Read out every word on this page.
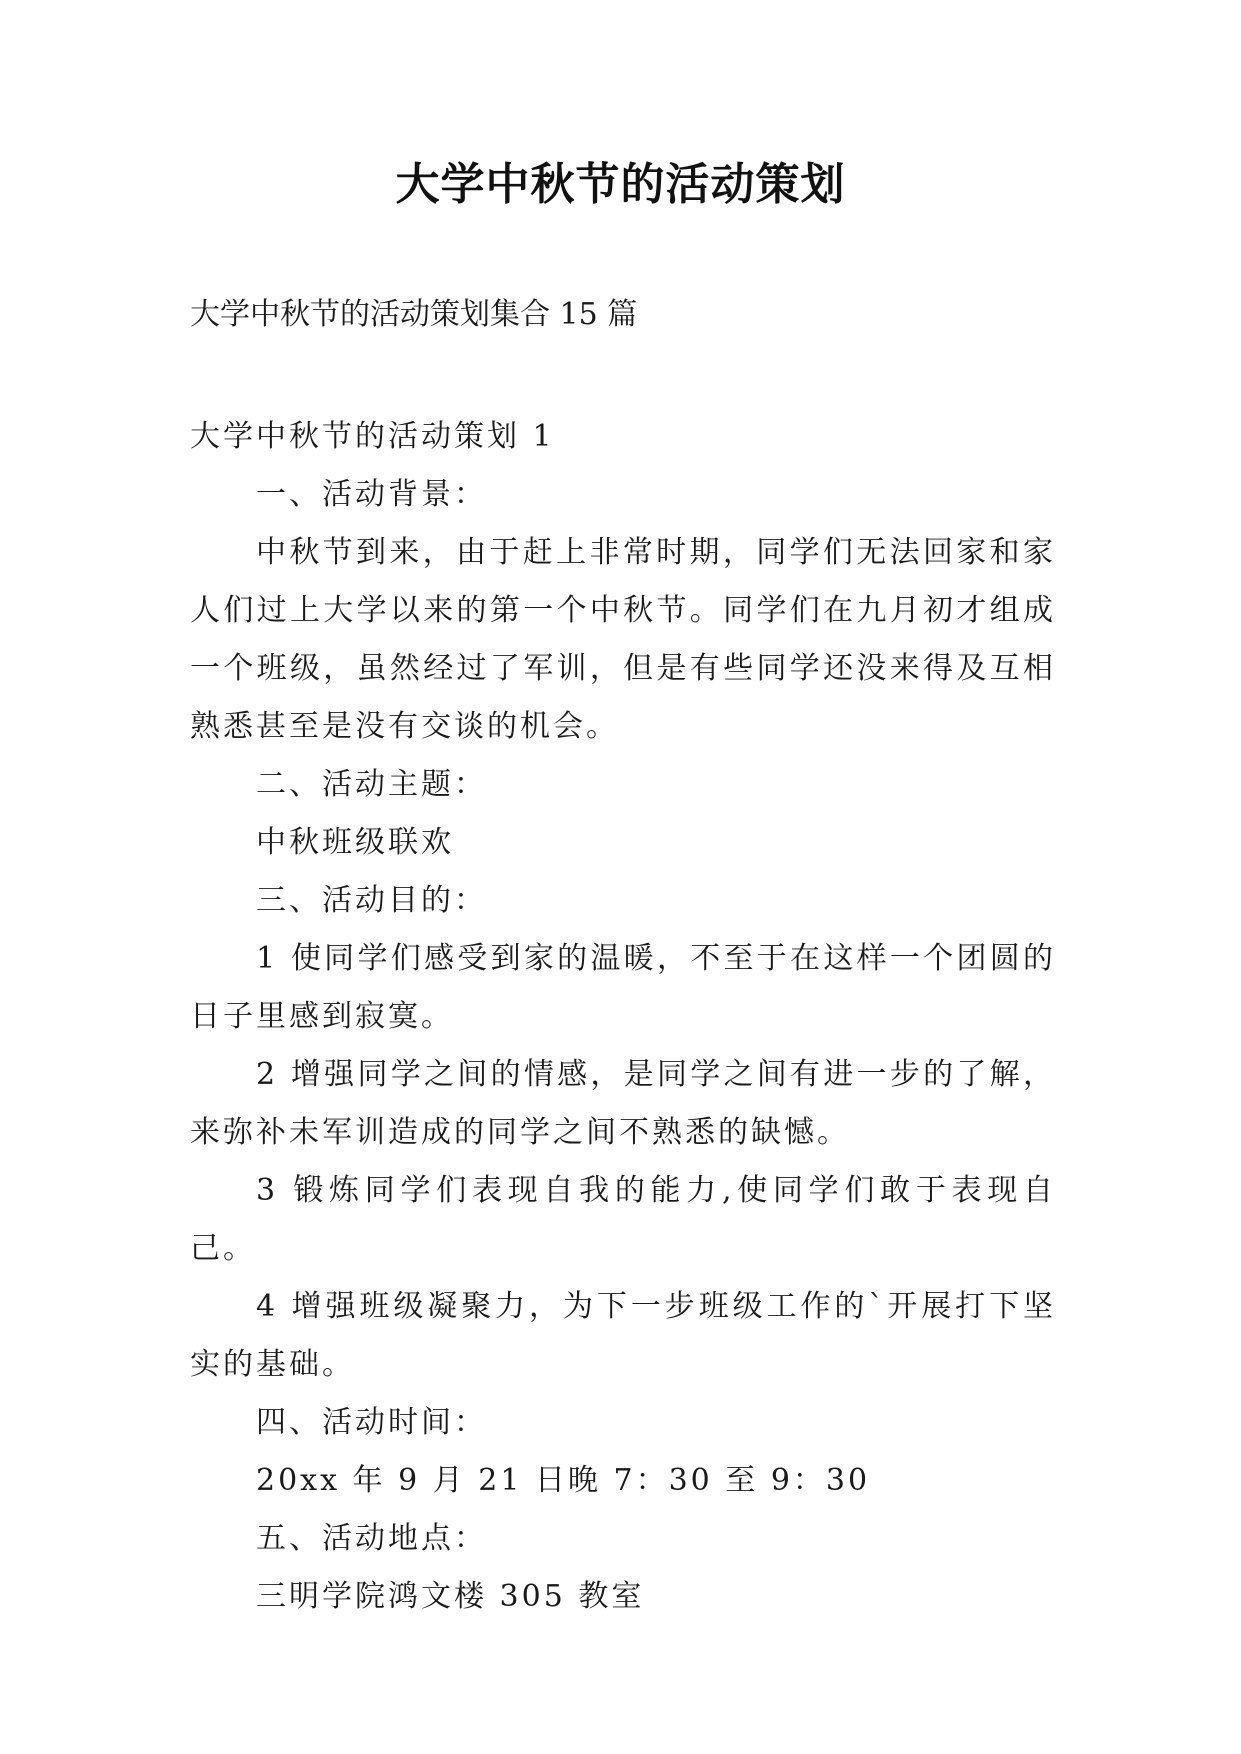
大学中秋节的活动策划
大学中秋节的活动策划集合 15 篇

大学中秋节的活动策划 1

一、活动背景：

中秋节到来，由于赶上非常时期，同学们无法回家和家人们过上大学以来的第一个中秋节。同学们在九月初才组成一个班级，虽然经过了军训，但是有些同学还没来得及互相熟悉甚至是没有交谈的机会。

二、活动主题：

中秋班级联欢

三、活动目的：

1 使同学们感受到家的温暖，不至于在这样一个团圆的日子里感到寂寞。

2 增强同学之间的情感，是同学之间有进一步的了解，来弥补未军训造成的同学之间不熟悉的缺憾。

3 锻炼同学们表现自我的能力,使同学们敢于表现自己。

4 增强班级凝聚力，为下一步班级工作的`开展打下坚实的基础。

四、活动时间：

20xx 年 9 月 21 日晚 7：30 至 9：30

五、活动地点：

三明学院鸿文楼 305 教室
